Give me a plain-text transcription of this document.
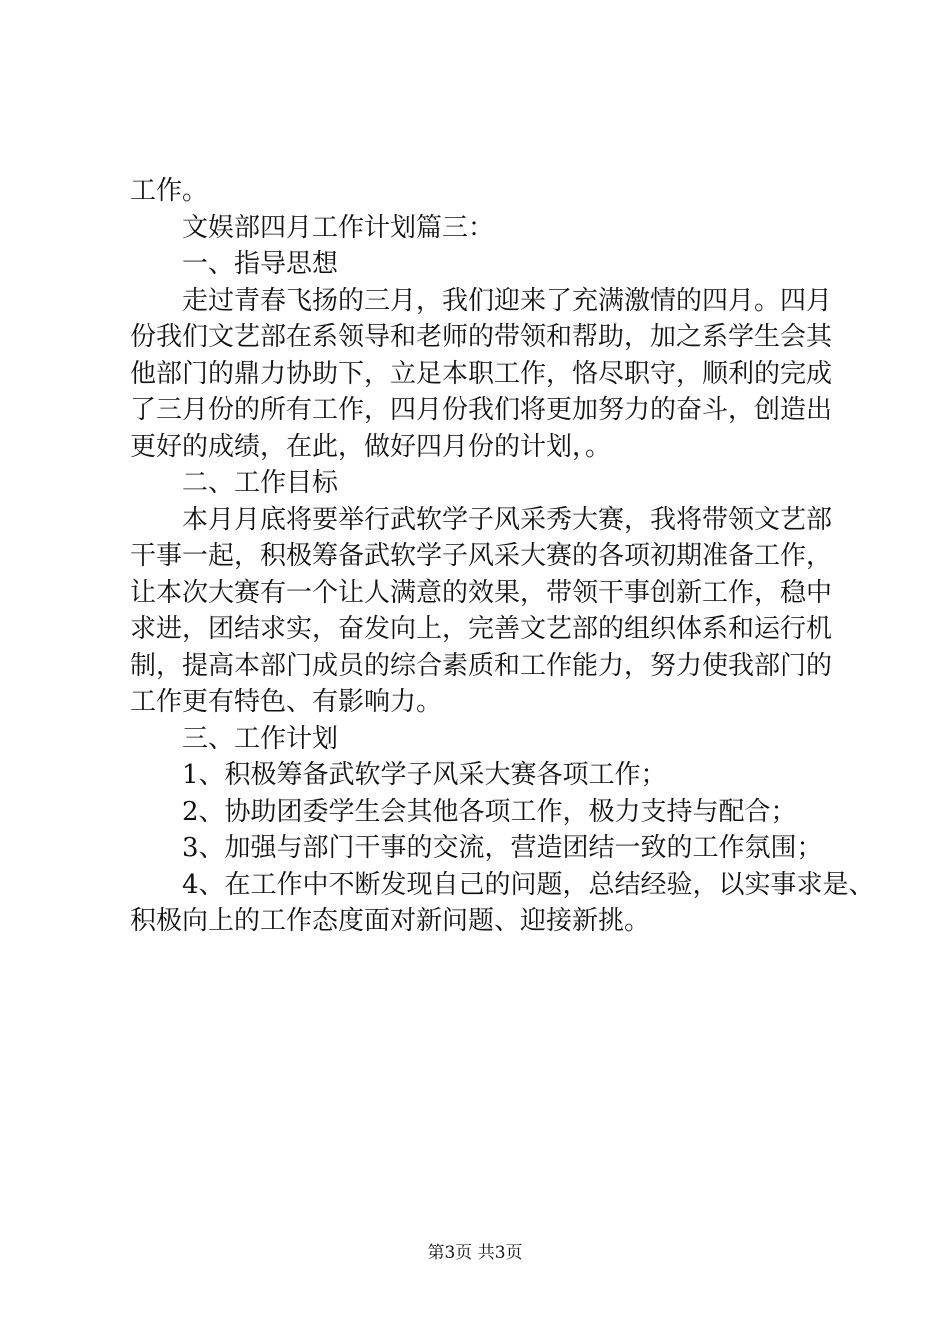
工作。
文娱部四月工作计划篇三：
一、指导思想
走过青春飞扬的三月，我们迎来了充满激情的四月。四月
份我们文艺部在系领导和老师的带领和帮助，加之系学生会其
他部门的鼎力协助下，立足本职工作，恪尽职守，顺利的完成
了三月份的所有工作，四月份我们将更加努力的奋斗，创造出
更好的成绩，在此，做好四月份的计划，。
二、工作目标
本月月底将要举行武软学子风采秀大赛，我将带领文艺部
干事一起，积极筹备武软学子风采大赛的各项初期准备工作，
让本次大赛有一个让人满意的效果，带领干事创新工作，稳中
求进，团结求实，奋发向上，完善文艺部的组织体系和运行机
制，提高本部门成员的综合素质和工作能力，努力使我部门的
工作更有特色、有影响力。
三、工作计划
1、积极筹备武软学子风采大赛各项工作；
2、协助团委学生会其他各项工作，极力支持与配合；
3、加强与部门干事的交流，营造团结一致的工作氛围；
4、在工作中不断发现自己的问题，总结经验，以实事求是、
积极向上的工作态度面对新问题、迎接新挑。
第3页 共3页
